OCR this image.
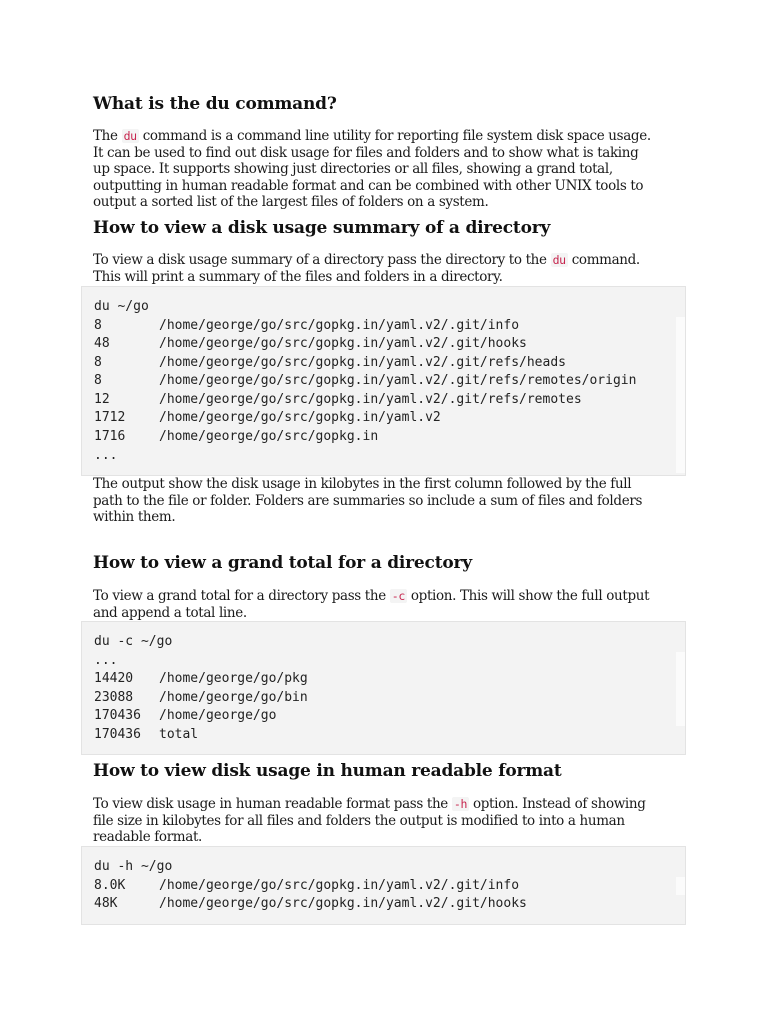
What is the du command?
The du command is a command line utility for reporting file system disk space usage.
It can be used to find out disk usage for files and folders and to show what is taking
up space. It supports showing just directories or all files, showing a grand total,
outputting in human readable format and can be combined with other UNIX tools to
output a sorted list of the largest files of folders on a system.
How to view a disk usage summary of a directory
To view a disk usage summary of a directory pass the directory to the du command.
This will print a summary of the files and folders in a directory.
du ~/go
8	/home/george/go/src/gopkg.in/yaml.v2/.git/info
48	/home/george/go/src/gopkg.in/yaml.v2/.git/hooks
8	/home/george/go/src/gopkg.in/yaml.v2/.git/refs/heads
8	/home/george/go/src/gopkg.in/yaml.v2/.git/refs/remotes/origin
12	/home/george/go/src/gopkg.in/yaml.v2/.git/refs/remotes
1712	/home/george/go/src/gopkg.in/yaml.v2
1716	/home/george/go/src/gopkg.in
...
The output show the disk usage in kilobytes in the first column followed by the full
path to the file or folder. Folders are summaries so include a sum of files and folders
within them.
How to view a grand total for a directory
To view a grand total for a directory pass the -c option. This will show the full output
and append a total line.
du -c ~/go
...
14420 /home/george/go/pkg
23088 /home/george/go/bin
170436 /home/george/go
170436 total
How to view disk usage in human readable format
To view disk usage in human readable format pass the -h option. Instead of showing
file size in kilobytes for all files and folders the output is modified to into a human
readable format.
du -h ~/go
8.0K	/home/george/go/src/gopkg.in/yaml.v2/.git/info
48K	/home/george/go/src/gopkg.in/yaml.v2/.git/hooks
